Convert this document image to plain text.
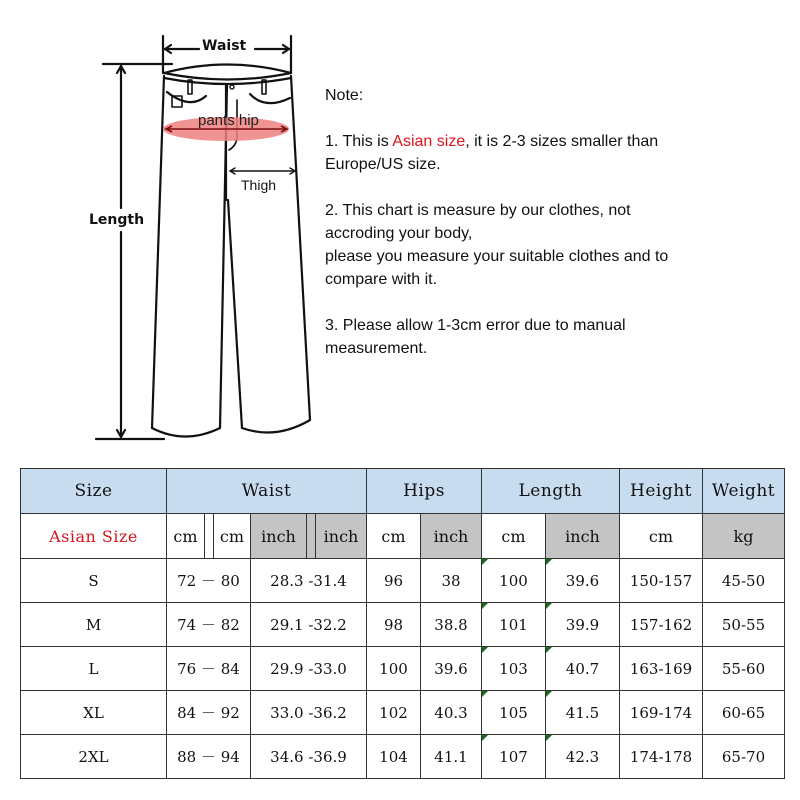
Waist
Length
pants hip
Thigh

Note:

1. This is Asian size, it is 2-3 sizes smaller than
Europe/US size.

2. This chart is measure by our clothes, not
accroding your body,
please you measure your suitable clothes and to
compare with it.

3. Please allow 1-3cm error due to manual
measurement.

Size	Waist						Hips		Length		Height	Weight
Asian Size	cm		cm	inch		inch	cm	inch	cm	inch	cm	kg
S	72 － 80			28.3 -31.4			96	38	100	39.6	150-157	45-50
M	74 － 82			29.1 -32.2			98	38.8	101	39.9	157-162	50-55
L	76 － 84			29.9 -33.0			100	39.6	103	40.7	163-169	55-60
XL	84 － 92			33.0 -36.2			102	40.3	105	41.5	169-174	60-65
2XL	88 － 94			34.6 -36.9			104	41.1	107	42.3	174-178	65-70
